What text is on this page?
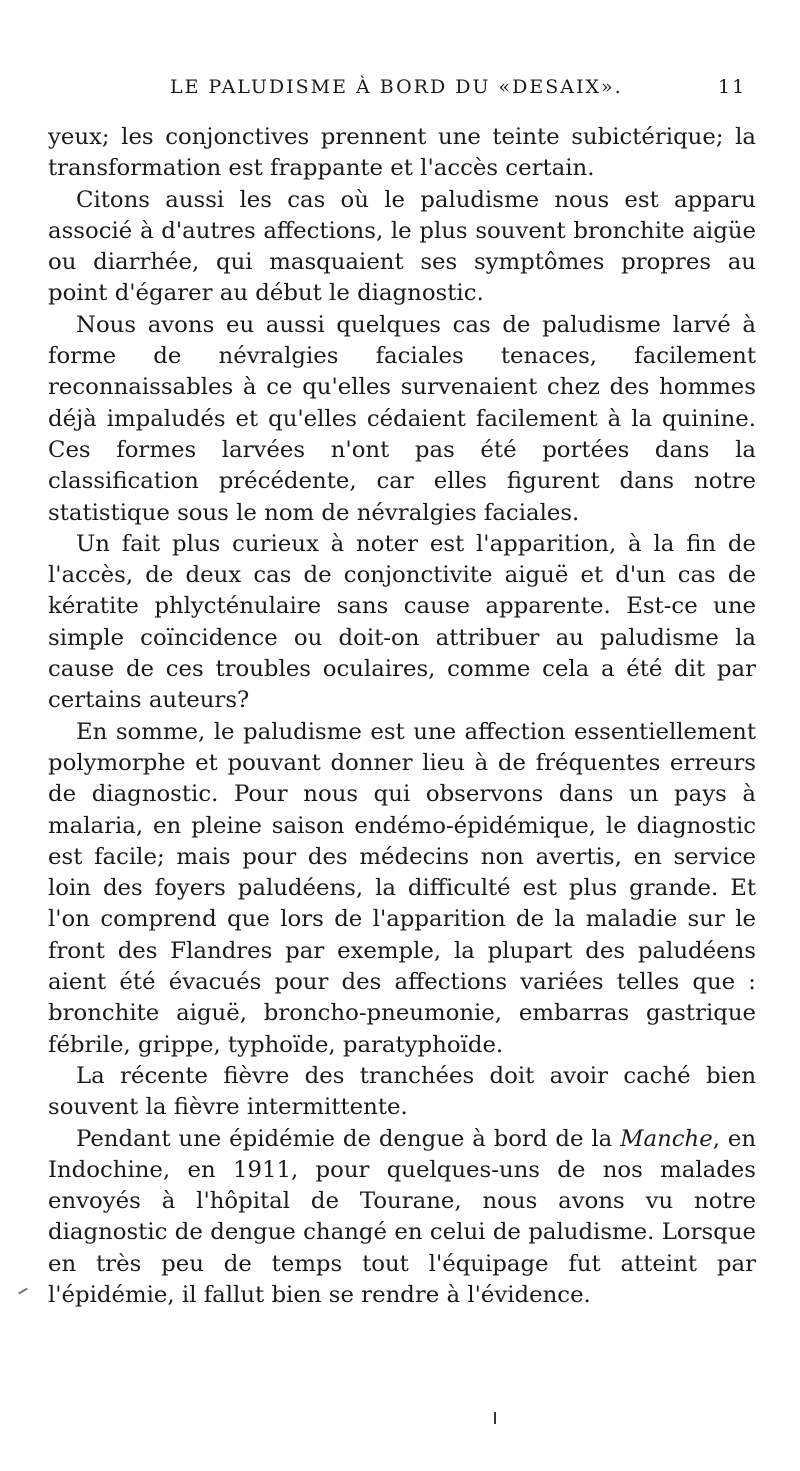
LE PALUDISME À BORD DU «DESAIX».	11

yeux; les conjonctives prennent une teinte subictérique; la transformation est frappante et l'accès certain.

Citons aussi les cas où le paludisme nous est apparu associé à d'autres affections, le plus souvent bronchite aigüe ou diarrhée, qui masquaient ses symptômes propres au point d'égarer au début le diagnostic.

Nous avons eu aussi quelques cas de paludisme larvé à forme de névralgies faciales tenaces, facilement reconnaissables à ce qu'elles survenaient chez des hommes déjà impaludés et qu'elles cédaient facilement à la quinine. Ces formes larvées n'ont pas été portées dans la classification précédente, car elles figurent dans notre statistique sous le nom de névralgies faciales.

Un fait plus curieux à noter est l'apparition, à la fin de l'accès, de deux cas de conjonctivite aiguë et d'un cas de kératite phlycténulaire sans cause apparente. Est-ce une simple coïncidence ou doit-on attribuer au paludisme la cause de ces troubles oculaires, comme cela a été dit par certains auteurs?

En somme, le paludisme est une affection essentiellement polymorphe et pouvant donner lieu à de fréquentes erreurs de diagnostic. Pour nous qui observons dans un pays à malaria, en pleine saison endémo-épidémique, le diagnostic est facile; mais pour des médecins non avertis, en service loin des foyers paludéens, la difficulté est plus grande. Et l'on comprend que lors de l'apparition de la maladie sur le front des Flandres par exemple, la plupart des paludéens aient été évacués pour des affections variées telles que : bronchite aiguë, broncho-pneumonie, embarras gastrique fébrile, grippe, typhoïde, paratyphoïde.

La récente fièvre des tranchées doit avoir caché bien souvent la fièvre intermittente.

Pendant une épidémie de dengue à bord de la Manche, en Indochine, en 1911, pour quelques-uns de nos malades envoyés à l'hôpital de Tourane, nous avons vu notre diagnostic de dengue changé en celui de paludisme. Lorsque en très peu de temps tout l'équipage fut atteint par l'épidémie, il fallut bien se rendre à l'évidence.
